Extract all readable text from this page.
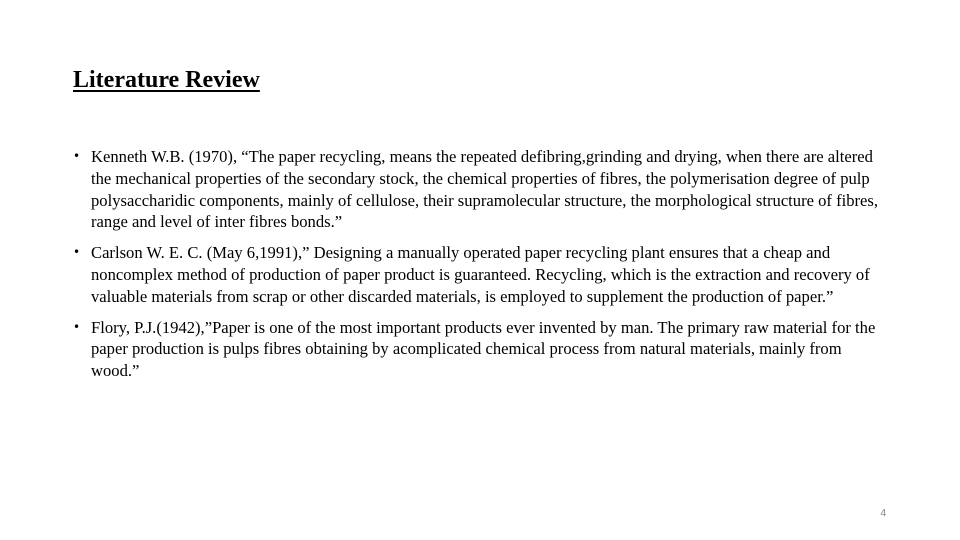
Literature Review
• Kenneth W.B. (1970), “The paper recycling, means the repeated defibring,grinding and drying, when there are altered the mechanical properties of the secondary stock, the chemical properties of fibres, the polymerisation degree of pulp polysaccharidic components, mainly of cellulose, their supramolecular structure, the morphological structure of fibres, range and level of inter fibres bonds.”
• Carlson W. E. C. (May 6,1991),” Designing a manually operated paper recycling plant ensures that a cheap and noncomplex method of production of paper product is guaranteed. Recycling, which is the extraction and recovery of valuable materials from scrap or other discarded materials, is employed to supplement the production of paper.”
• Flory, P.J.(1942),”Paper is one of the most important products ever invented by man. The primary raw material for the paper production is pulps fibres obtaining by acomplicated chemical process from natural materials, mainly from wood.”
4
